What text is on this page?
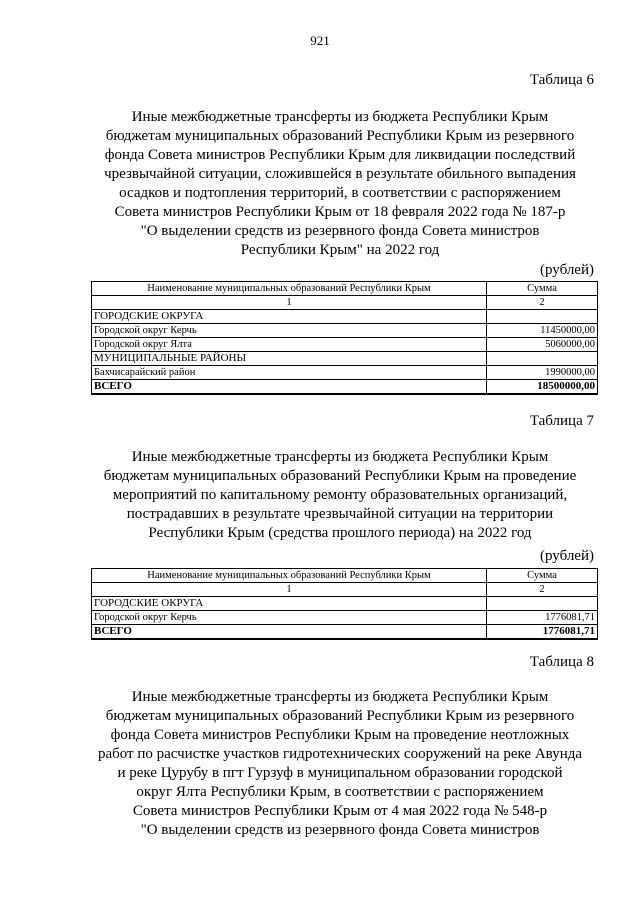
921
Таблица 6
Иные межбюджетные трансферты из бюджета Республики Крым
бюджетам муниципальных образований Республики Крым из резервного
фонда Совета министров Республики Крым для ликвидации последствий
чрезвычайной ситуации, сложившейся в результате обильного выпадения
осадков и подтопления территорий, в соответствии с распоряжением
Совета министров Республики Крым от 18 февраля 2022 года № 187-р
"О выделении средств из резервного фонда Совета министров
Республики Крым" на 2022 год
(рублей)
Наименование муниципальных образований Республики Крым	Сумма
1	2
ГОРОДСКИЕ ОКРУГА	
Городской округ Керчь	11450000,00
Городской округ Ялта	5060000,00
МУНИЦИПАЛЬНЫЕ РАЙОНЫ	
Бахчисарайский район	1990000,00
ВСЕГО	18500000,00
Таблица 7
Иные межбюджетные трансферты из бюджета Республики Крым
бюджетам муниципальных образований Республики Крым на проведение
мероприятий по капитальному ремонту образовательных организаций,
пострадавших в результате чрезвычайной ситуации на территории
Республики Крым (средства прошлого периода) на 2022 год
(рублей)
Наименование муниципальных образований Республики Крым	Сумма
1	2
ГОРОДСКИЕ ОКРУГА	
Городской округ Керчь	1776081,71
ВСЕГО	1776081,71
Таблица 8
Иные межбюджетные трансферты из бюджета Республики Крым
бюджетам муниципальных образований Республики Крым из резервного
фонда Совета министров Республики Крым на проведение неотложных
работ по расчистке участков гидротехнических сооружений на реке Авунда
и реке Цурубу в пгт Гурзуф в муниципальном образовании городской
округ Ялта Республики Крым, в соответствии с распоряжением
Совета министров Республики Крым от 4 мая 2022 года № 548-р
"О выделении средств из резервного фонда Совета министров
